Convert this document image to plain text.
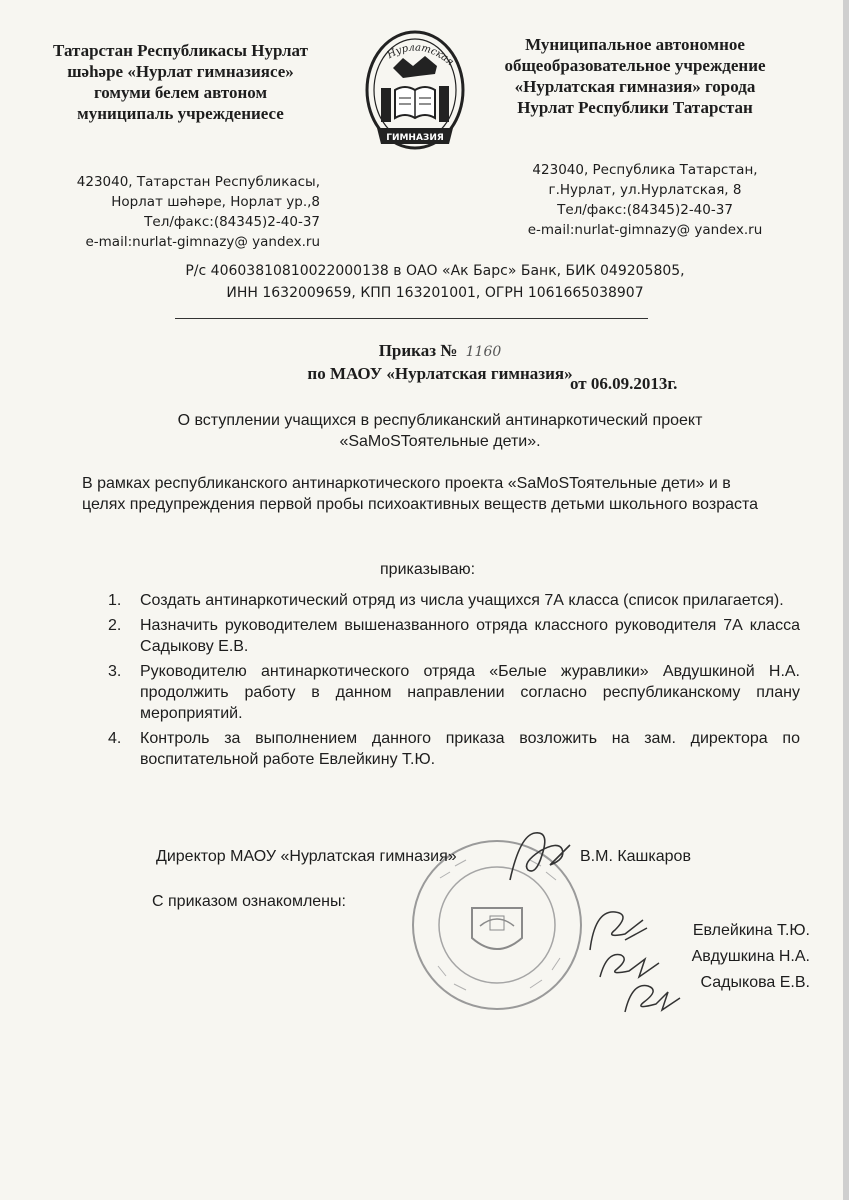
Татарстан Республикасы Нурлат шәһәре «Нурлат гимназиясе» гомуми белем автоном муниципаль учреждениесе
Нурлатская
ГИМНАЗИЯ
Муниципальное автономное общеобразовательное учреждение «Нурлатская гимназия» города Нурлат Республики Татарстан
423040, Татарстан Республикасы,
Норлат шәһәре, Норлат ур.,8
Тел/факс:(84345)2-40-37
e-mail:nurlat-gimnazy@ yandex.ru
423040, Республика Татарстан,
г.Нурлат, ул.Нурлатская, 8
Тел/факс:(84345)2-40-37
e-mail:nurlat-gimnazy@ yandex.ru
Р/с 40603810810022000138 в ОАО «Ак Барс» Банк, БИК 049205805,
ИНН 1632009659, КПП 163201001, ОГРН 1061665038907
Приказ № 1160
по МАОУ «Нурлатская гимназия»
от 06.09.2013г.
О вступлении учащихся в республиканский антинаркотический проект
«SaMoSToятельные дети».
В рамках республиканского антинаркотического проекта «SaMoSToятельные дети» и в целях предупреждения первой пробы психоактивных веществ детьми школьного возраста
приказываю:
1. Создать антинаркотический отряд из числа учащихся 7А класса (список прилагается).
2. Назначить руководителем вышеназванного отряда классного руководителя 7А класса Садыкову Е.В.
3. Руководителю антинаркотического отряда «Белые журавлики» Авдушкиной Н.А. продолжить работу в данном направлении согласно республиканскому плану мероприятий.
4. Контроль за выполнением данного приказа возложить на зам. директора по воспитательной работе Евлейкину Т.Ю.
Директор МАОУ «Нурлатская гимназия»	В.М. Кашкаров
С приказом ознакомлены:
Евлейкина Т.Ю.
Авдушкина Н.А.
Садыкова Е.В.
